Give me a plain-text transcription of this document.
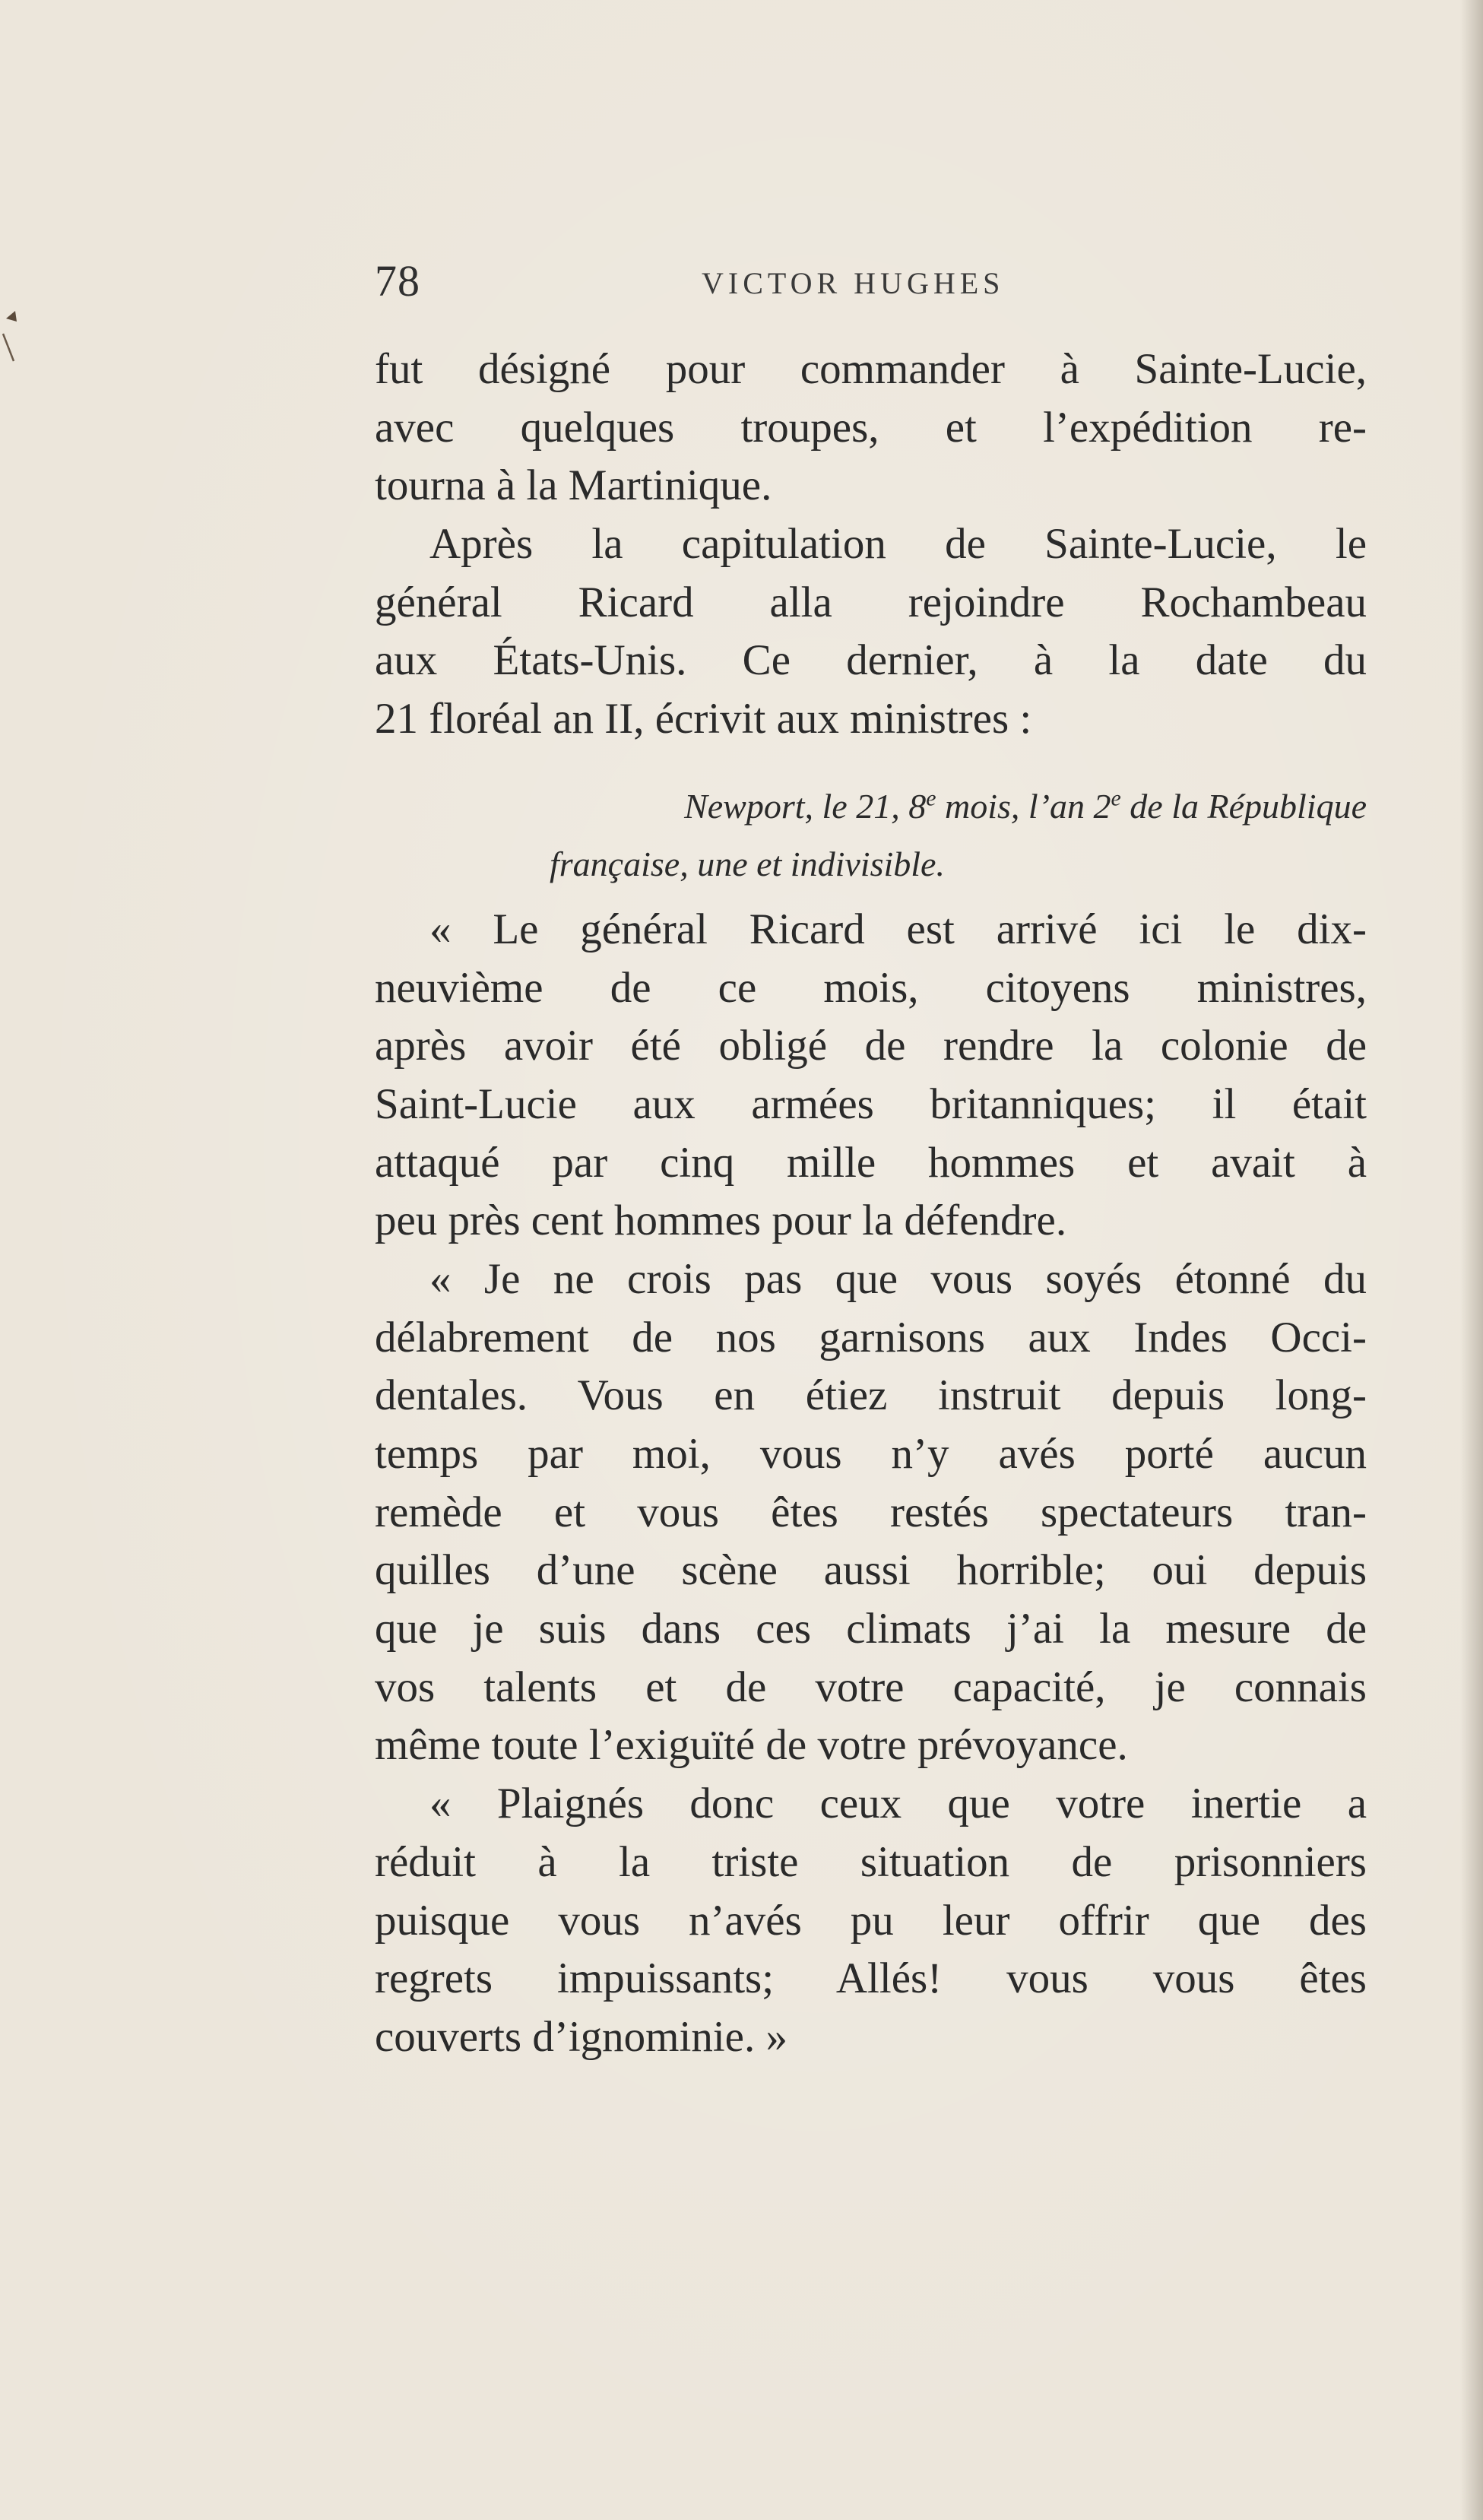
78	VICTOR HUGHES
fut désigné pour commander à Sainte-Lucie,
avec quelques troupes, et l’expédition re-
tourna à la Martinique.
Après la capitulation de Sainte-Lucie, le
général Ricard alla rejoindre Rochambeau
aux États-Unis. Ce dernier, à la date du
21 floréal an II, écrivit aux ministres :
Newport, le 21, 8e mois, l’an 2e de la République
française, une et indivisible.
« Le général Ricard est arrivé ici le dix-
neuvième de ce mois, citoyens ministres,
après avoir été obligé de rendre la colonie de
Saint-Lucie aux armées britanniques; il était
attaqué par cinq mille hommes et avait à
peu près cent hommes pour la défendre.
« Je ne crois pas que vous soyés étonné du
délabrement de nos garnisons aux Indes Occi-
dentales. Vous en étiez instruit depuis long-
temps par moi, vous n’y avés porté aucun
remède et vous êtes restés spectateurs tran-
quilles d’une scène aussi horrible; oui depuis
que je suis dans ces climats j’ai la mesure de
vos talents et de votre capacité, je connais
même toute l’exiguïté de votre prévoyance.
« Plaignés donc ceux que votre inertie a
réduit à la triste situation de prisonniers
puisque vous n’avés pu leur offrir que des
regrets impuissants; Allés! vous vous êtes
couverts d’ignominie. »
